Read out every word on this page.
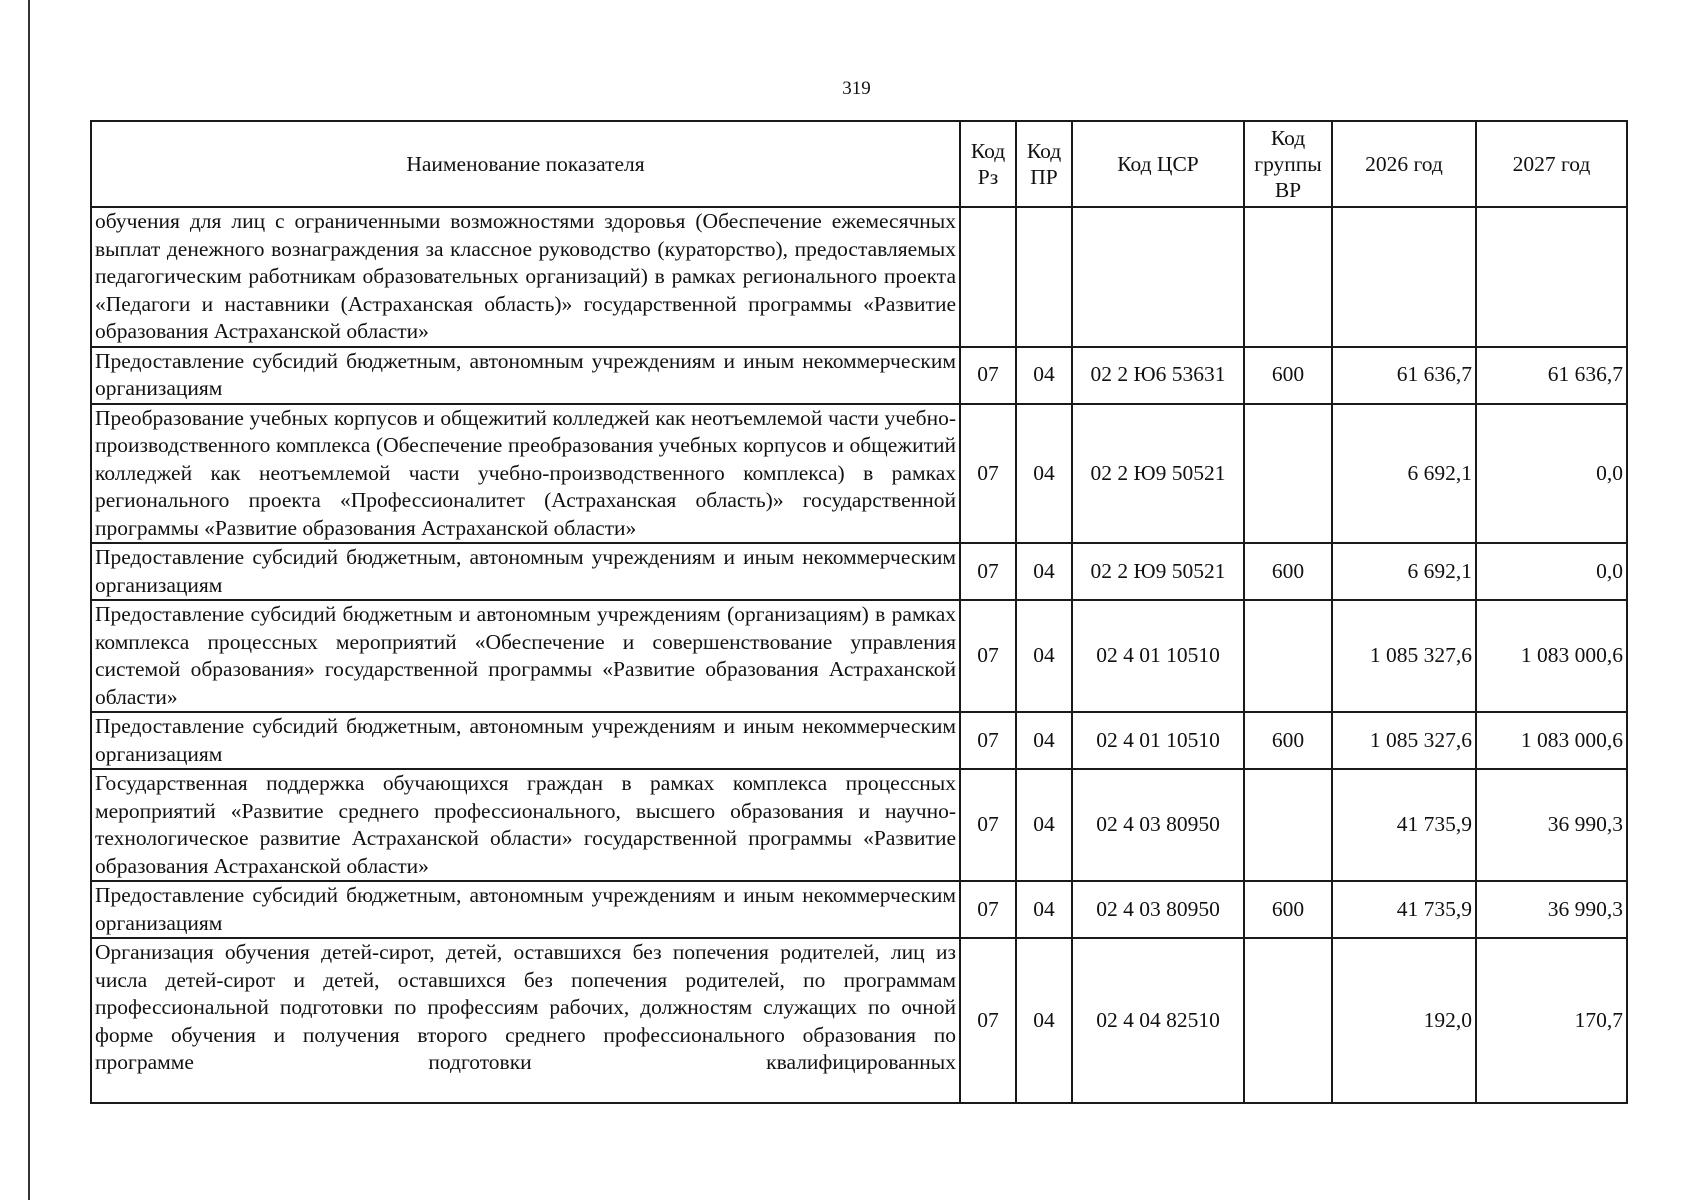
319
Наименование показателя	Код Рз	Код ПР	Код ЦСР	Код группы ВР	2026 год	2027 год
обучения для лиц с ограниченными возможностями здоровья (Обеспечение ежемесячных выплат денежного вознаграждения за классное руководство (кураторство), предоставляемых педагогическим работникам образовательных организаций) в рамках регионального проекта «Педагоги и наставники (Астраханская область)» государственной программы «Развитие образования Астраханской области»						
Предоставление субсидий бюджетным, автономным учреждениям и иным некоммерческим организациям	07	04	02 2 Ю6 53631	600	61 636,7	61 636,7
Преобразование учебных корпусов и общежитий колледжей как неотъемлемой части учебно-производственного комплекса (Обеспечение преобразования учебных корпусов и общежитий колледжей как неотъемлемой части учебно-производственного комплекса) в рамках регионального проекта «Профессионалитет (Астраханская область)» государственной программы «Развитие образования Астраханской области»	07	04	02 2 Ю9 50521		6 692,1	0,0
Предоставление субсидий бюджетным, автономным учреждениям и иным некоммерческим организациям	07	04	02 2 Ю9 50521	600	6 692,1	0,0
Предоставление субсидий бюджетным и автономным учреждениям (организациям) в рамках комплекса процессных мероприятий «Обеспечение и совершенствование управления системой образования» государственной программы «Развитие образования Астраханской области»	07	04	02 4 01 10510		1 085 327,6	1 083 000,6
Предоставление субсидий бюджетным, автономным учреждениям и иным некоммерческим организациям	07	04	02 4 01 10510	600	1 085 327,6	1 083 000,6
Государственная поддержка обучающихся граждан в рамках комплекса процессных мероприятий «Развитие среднего профессионального, высшего образования и научно-технологическое развитие Астраханской области» государственной программы «Развитие образования Астраханской области»	07	04	02 4 03 80950		41 735,9	36 990,3
Предоставление субсидий бюджетным, автономным учреждениям и иным некоммерческим организациям	07	04	02 4 03 80950	600	41 735,9	36 990,3

Организация обучения детей-сирот, детей, оставшихся без попечения родителей, лиц из числа детей-сирот и детей, оставшихся без попечения родителей, по программам профессиональной подготовки по профессиям рабочих, должностям служащих по очной форме обучения и получения второго среднего профессионального образования по программе подготовки квалифицированных	07	04	02 4 04 82510		192,0	170,7
